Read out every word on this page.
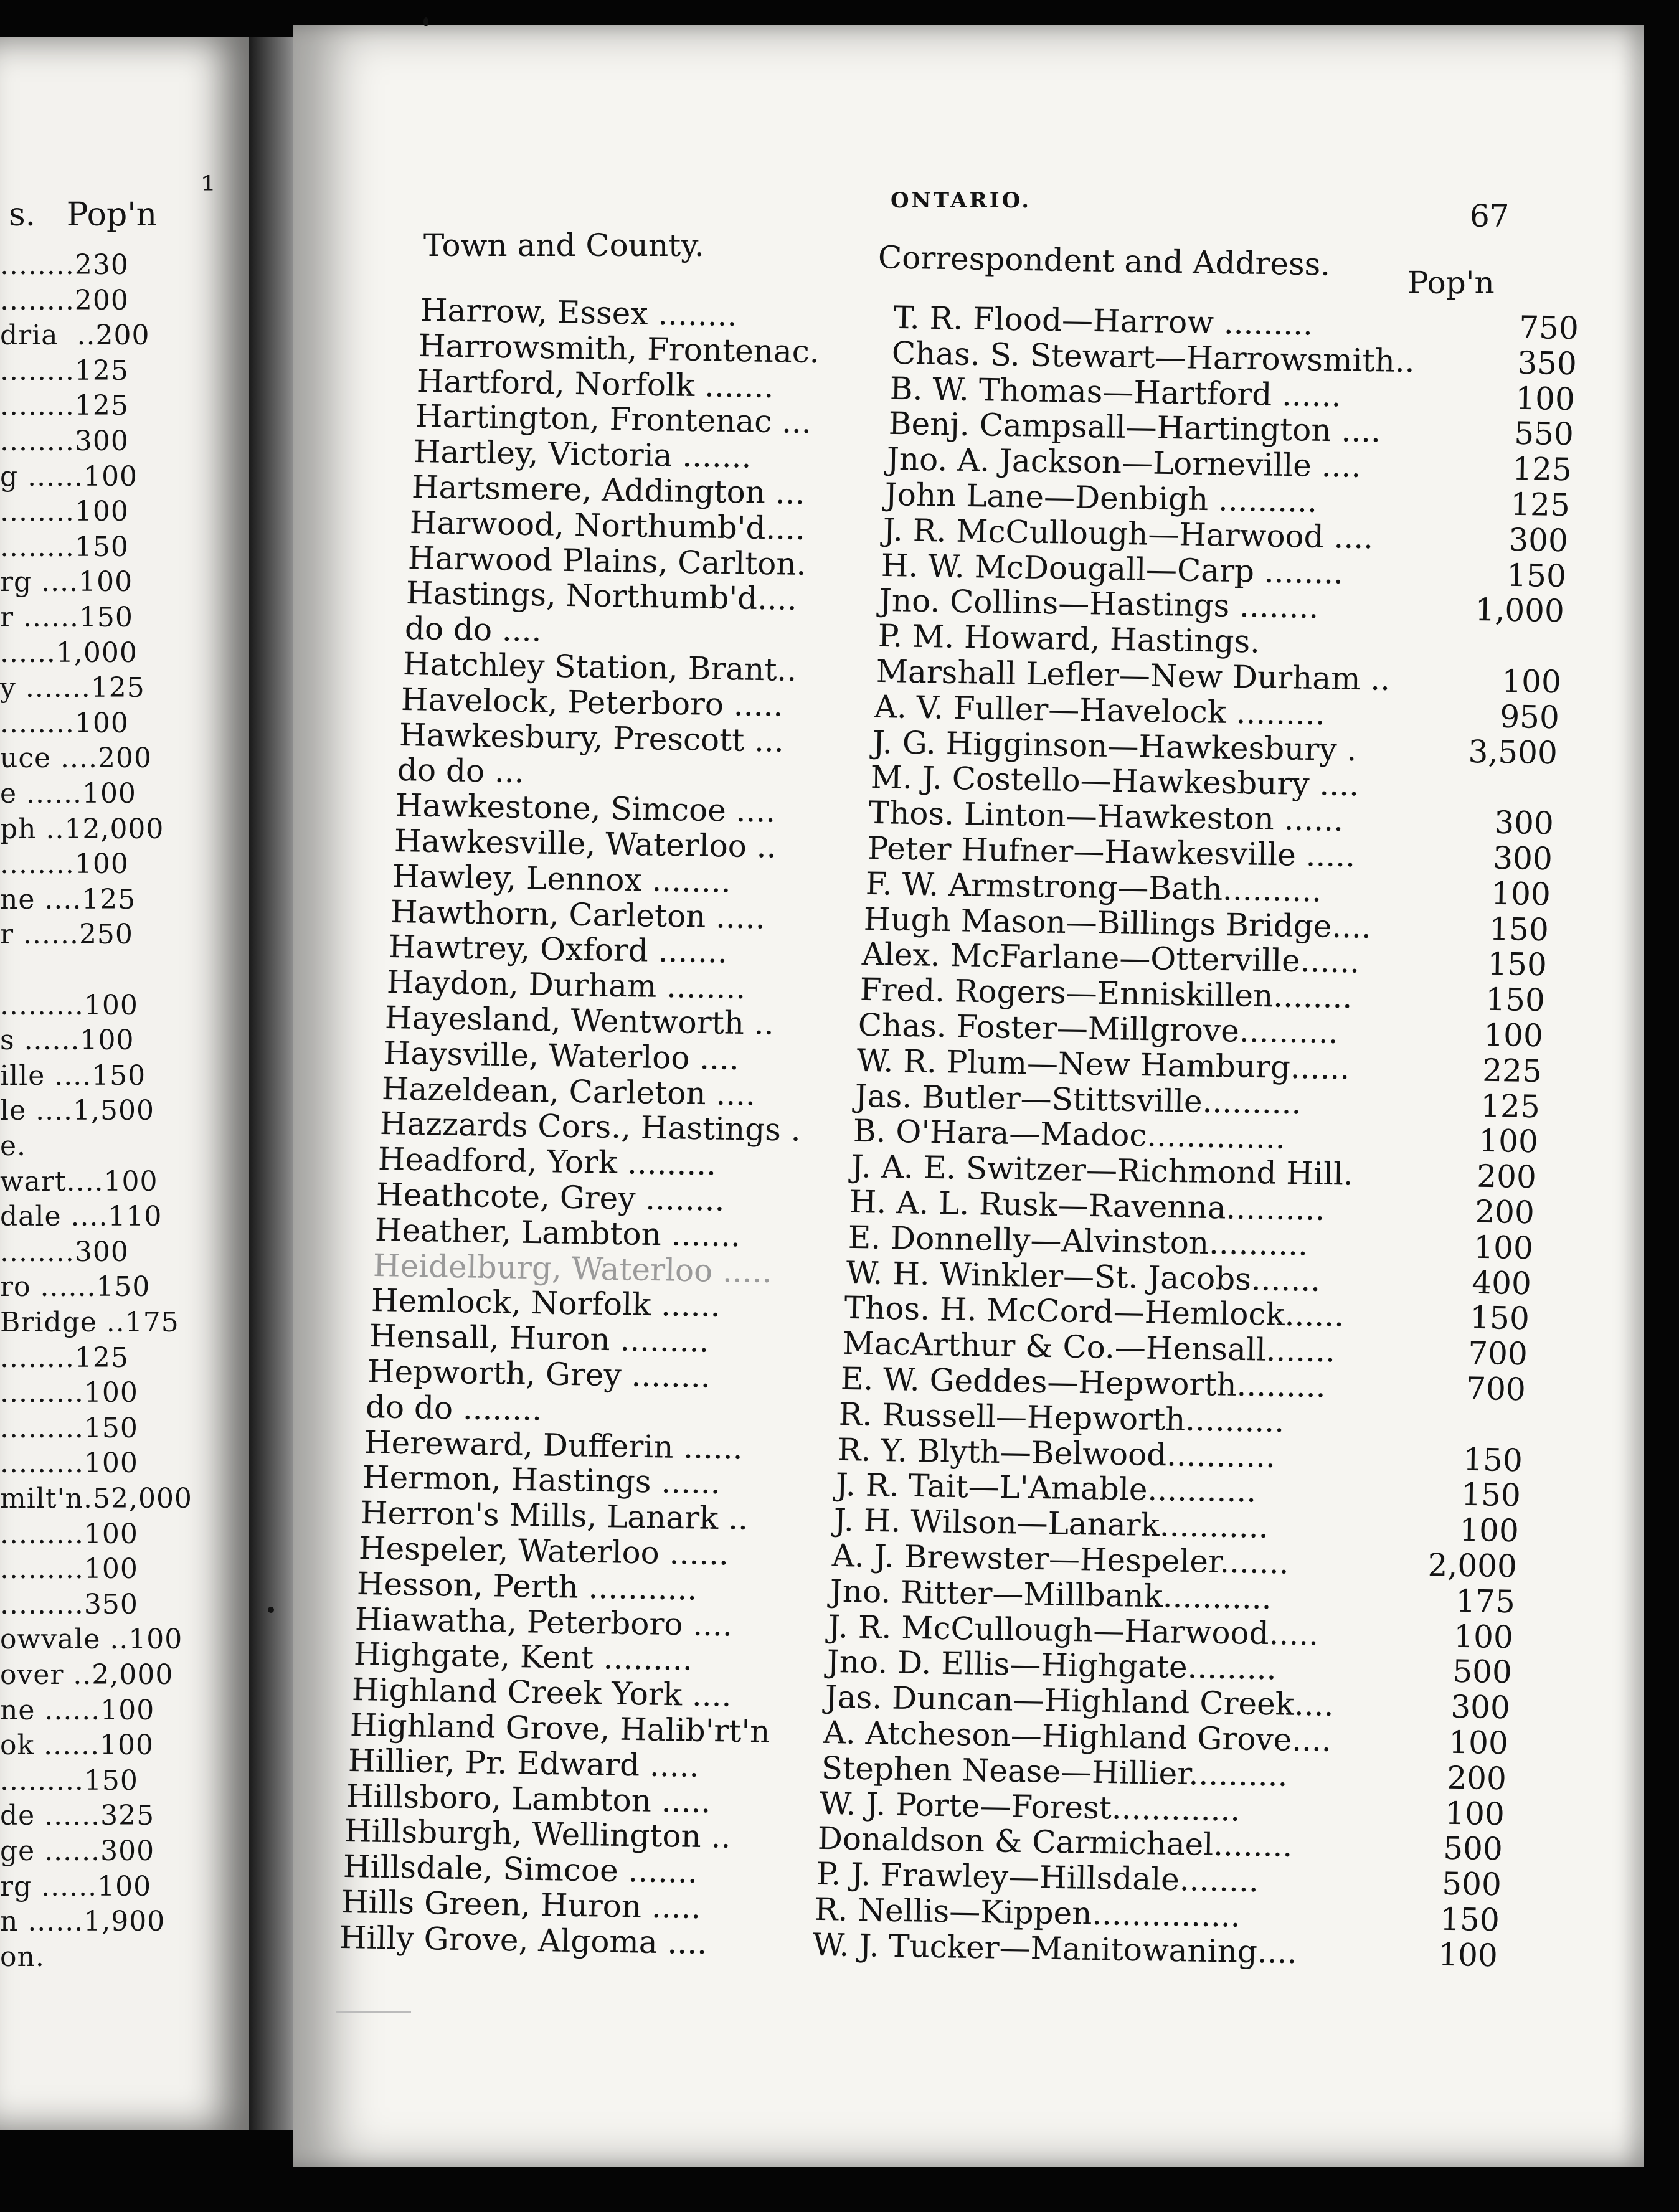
¹
s.   Pop'n
........230
........200
dria  ..200
........125
........125
........300
g ......100
........100
........150
rg ....100
r ......150
......1,000
y .......125
........100
uce ....200
e ......100
ph ..12,000
........100
ne ....125
r ......250
.........100
s ......100
ille ....150
le ....1,500
e.
wart....100
dale ....110
........300
ro ......150
Bridge ..175
........125
.........100
.........150
.........100
milt'n.52,000
.........100
.........100
.........350
owvale ..100
over ..2,000
ne ......100
ok ......100
.........150
de ......325
ge ......300
rg ......100
n ......1,900
on.
ONTARIO.	67
Town and County.	Correspondent and Address.
Pop'n
Harrow, Essex ........	T. R. Flood—Harrow .........	750
Harrowsmith, Frontenac. Chas. S. Stewart—Harrowsmith..	350
Hartford, Norfolk .......	B. W. Thomas—Hartford ......	100
Hartington, Frontenac ... Benj. Campsall—Hartington ....	550
Hartley, Victoria .......	Jno. A. Jackson—Lorneville ....	125
Hartsmere, Addington ...	John Lane—Denbigh ..........	125
Harwood, Northumb'd.... J. R. McCullough—Harwood ....	300
Harwood Plains, Carlton. H. W. McDougall—Carp ........	150
Hastings, Northumb'd....	Jno. Collins—Hastings ........	1,000
do do ....	P. M. Howard, Hastings.
Hatchley Station, Brant..	Marshall Lefler—New Durham ..	100
Havelock, Peterboro .....	A. V. Fuller—Havelock .........	950
Hawkesbury, Prescott ...	J. G. Higginson—Hawkesbury .	3,500
do do ...	M. J. Costello—Hawkesbury ....
Hawkestone, Simcoe ....	Thos. Linton—Hawkeston ......	300
Hawkesville, Waterloo ..	Peter Hufner—Hawkesville .....	300
Hawley, Lennox ........	F. W. Armstrong—Bath..........	100
Hawthorn, Carleton .....	Hugh Mason—Billings Bridge....	150
Hawtrey, Oxford .......	Alex. McFarlane—Otterville......	150
Haydon, Durham ........	Fred. Rogers—Enniskillen........	150
Hayesland, Wentworth ..	Chas. Foster—Millgrove..........	100
Haysville, Waterloo ....	W. R. Plum—New Hamburg......	225
Hazeldean, Carleton ....	Jas. Butler—Stittsville..........	125
Hazzards Cors., Hastings . B. O'Hara—Madoc..............	100
Headford, York .........	J. A. E. Switzer—Richmond Hill.	200
Heathcote, Grey ........	H. A. L. Rusk—Ravenna..........	200
Heather, Lambton .......	E. Donnelly—Alvinston..........	100
Heidelburg, Waterloo ..... W. H. Winkler—St. Jacobs.......	400
Hemlock, Norfolk ......	Thos. H. McCord—Hemlock......	150
Hensall, Huron .........	MacArthur & Co.—Hensall.......	700
Hepworth, Grey ........	E. W. Geddes—Hepworth.........	700
do do ........	R. Russell—Hepworth..........
Hereward, Dufferin ......	R. Y. Blyth—Belwood...........	150
Hermon, Hastings ......	J. R. Tait—L'Amable...........	150
Herron's Mills, Lanark ..	J. H. Wilson—Lanark...........	100
Hespeler, Waterloo ......	A. J. Brewster—Hespeler.......	2,000
Hesson, Perth ...........	Jno. Ritter—Millbank...........	175
Hiawatha, Peterboro ....	J. R. McCullough—Harwood.....	100
Highgate, Kent .........	Jno. D. Ellis—Highgate.........	500
Highland Creek York ....	Jas. Duncan—Highland Creek....	300
Highland Grove, Halib'rt'n A. Atcheson—Highland Grove....	100
Hillier, Pr. Edward .....	Stephen Nease—Hillier..........	200
Hillsboro, Lambton .....	W. J. Porte—Forest.............	100
Hillsburgh, Wellington ..	Donaldson & Carmichael........	500
Hillsdale, Simcoe .......	P. J. Frawley—Hillsdale........	500
Hills Green, Huron .....	R. Nellis—Kippen...............	150
Hilly Grove, Algoma ....	W. J. Tucker—Manitowaning....	100
